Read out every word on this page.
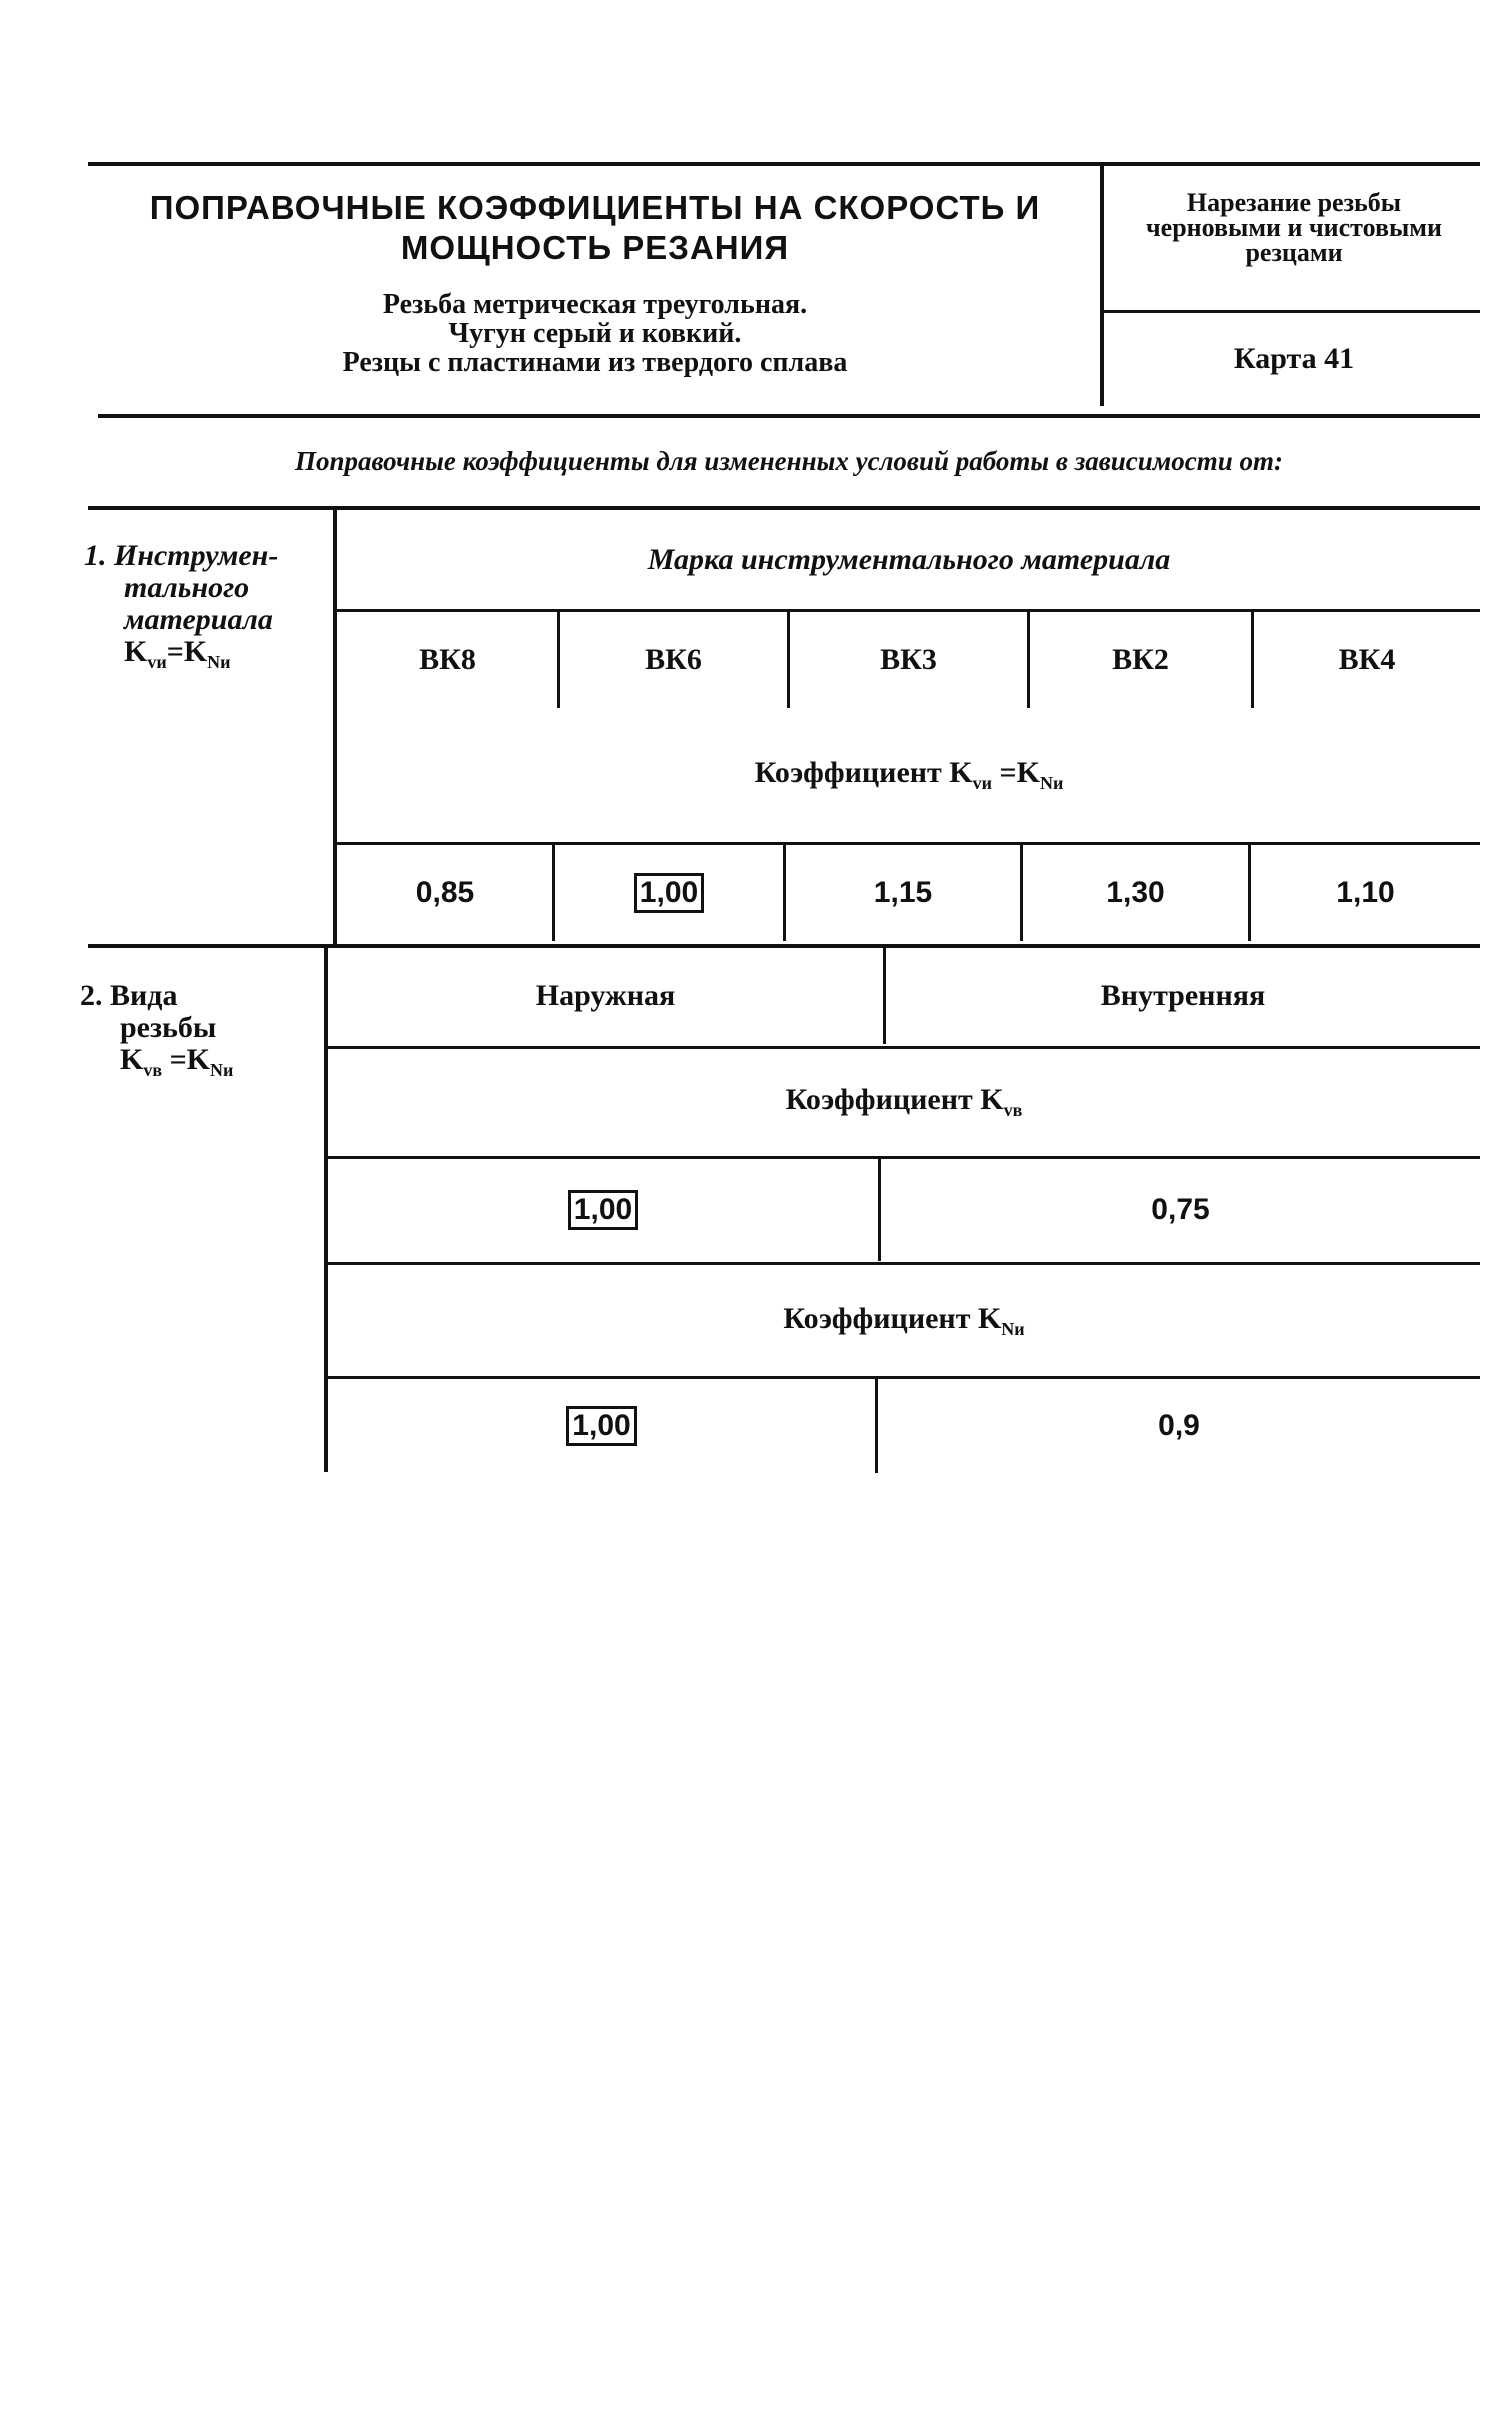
ПОПРАВОЧНЫЕ КОЭФФИЦИЕНТЫ НА СКОРОСТЬ И
МОЩНОСТЬ РЕЗАНИЯ
Резьба метрическая треугольная.
Чугун серый и ковкий.
Резцы с пластинами из твердого сплава
Нарезание резьбы
черновыми и чистовыми
резцами
Карта 41
Поправочные коэффициенты для измененных условий работы в зависимости от:
1. Инструмен-
тального
материала
$K_{vи}=K_{Nи}$
Марка инструментального материала
ВК8	ВК6	ВК3	ВК2	ВК4
Коэффициент $K_{vи} =K_{Nи}$
0,85	1,00	1,15	1,30	1,10
2. Вида
резьбы
$K_{vв} =K_{Nи}$
Наружная	Внутренняя
Коэффициент $K_{vв}$
1,00	0,75
Коэффициент $K_{Nи}$
1,00	0,9
